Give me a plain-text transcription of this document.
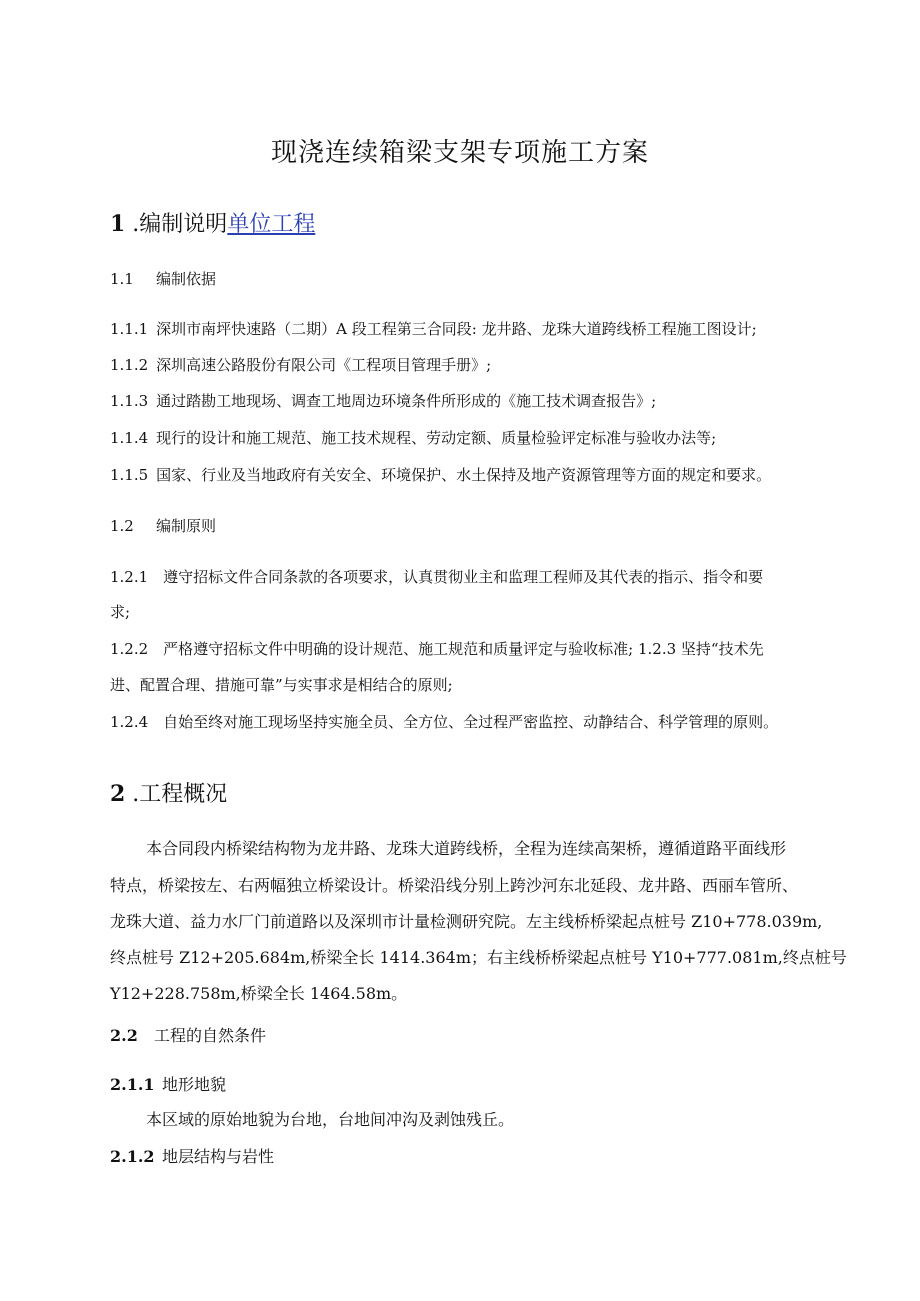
现浇连续箱梁支架专项施工方案
1 .编制说明单位工程
1.1 编制依据
1.1.1 深圳市南坪快速路（二期）A 段工程第三合同段: 龙井路、龙珠大道跨线桥工程施工图设计;
1.1.2 深圳高速公路股份有限公司《工程项目管理手册》;
1.1.3 通过踏勘工地现场、调查工地周边环境条件所形成的《施工技术调查报告》;
1.1.4 现行的设计和施工规范、施工技术规程、劳动定额、质量检验评定标准与验收办法等;
1.1.5 国家、行业及当地政府有关安全、环境保护、水土保持及地产资源管理等方面的规定和要求。
1.2 编制原则
1.2.1　遵守招标文件合同条款的各项要求，认真贯彻业主和监理工程师及其代表的指示、指令和要
求;
1.2.2　严格遵守招标文件中明确的设计规范、施工规范和质量评定与验收标准; 1.2.3 坚持“技术先
进、配置合理、措施可靠”与实事求是相结合的原则;
1.2.4　自始至终对施工现场坚持实施全员、全方位、全过程严密监控、动静结合、科学管理的原则。
2 .工程概况
本合同段内桥梁结构物为龙井路、龙珠大道跨线桥，全程为连续高架桥，遵循道路平面线形
特点，桥梁按左、右两幅独立桥梁设计。桥梁沿线分别上跨沙河东北延段、龙井路、西丽车管所、
龙珠大道、益力水厂门前道路以及深圳市计量检测研究院。左主线桥桥梁起点桩号 Z10+778.039m,
终点桩号 Z12+205.684m,桥梁全长 1414.364m；右主线桥桥梁起点桩号 Y10+777.081m,终点桩号
Y12+228.758m,桥梁全长 1464.58m。
2.2 工程的自然条件
2.1.1 地形地貌
本区域的原始地貌为台地，台地间冲沟及剥蚀残丘。
2.1.2 地层结构与岩性
